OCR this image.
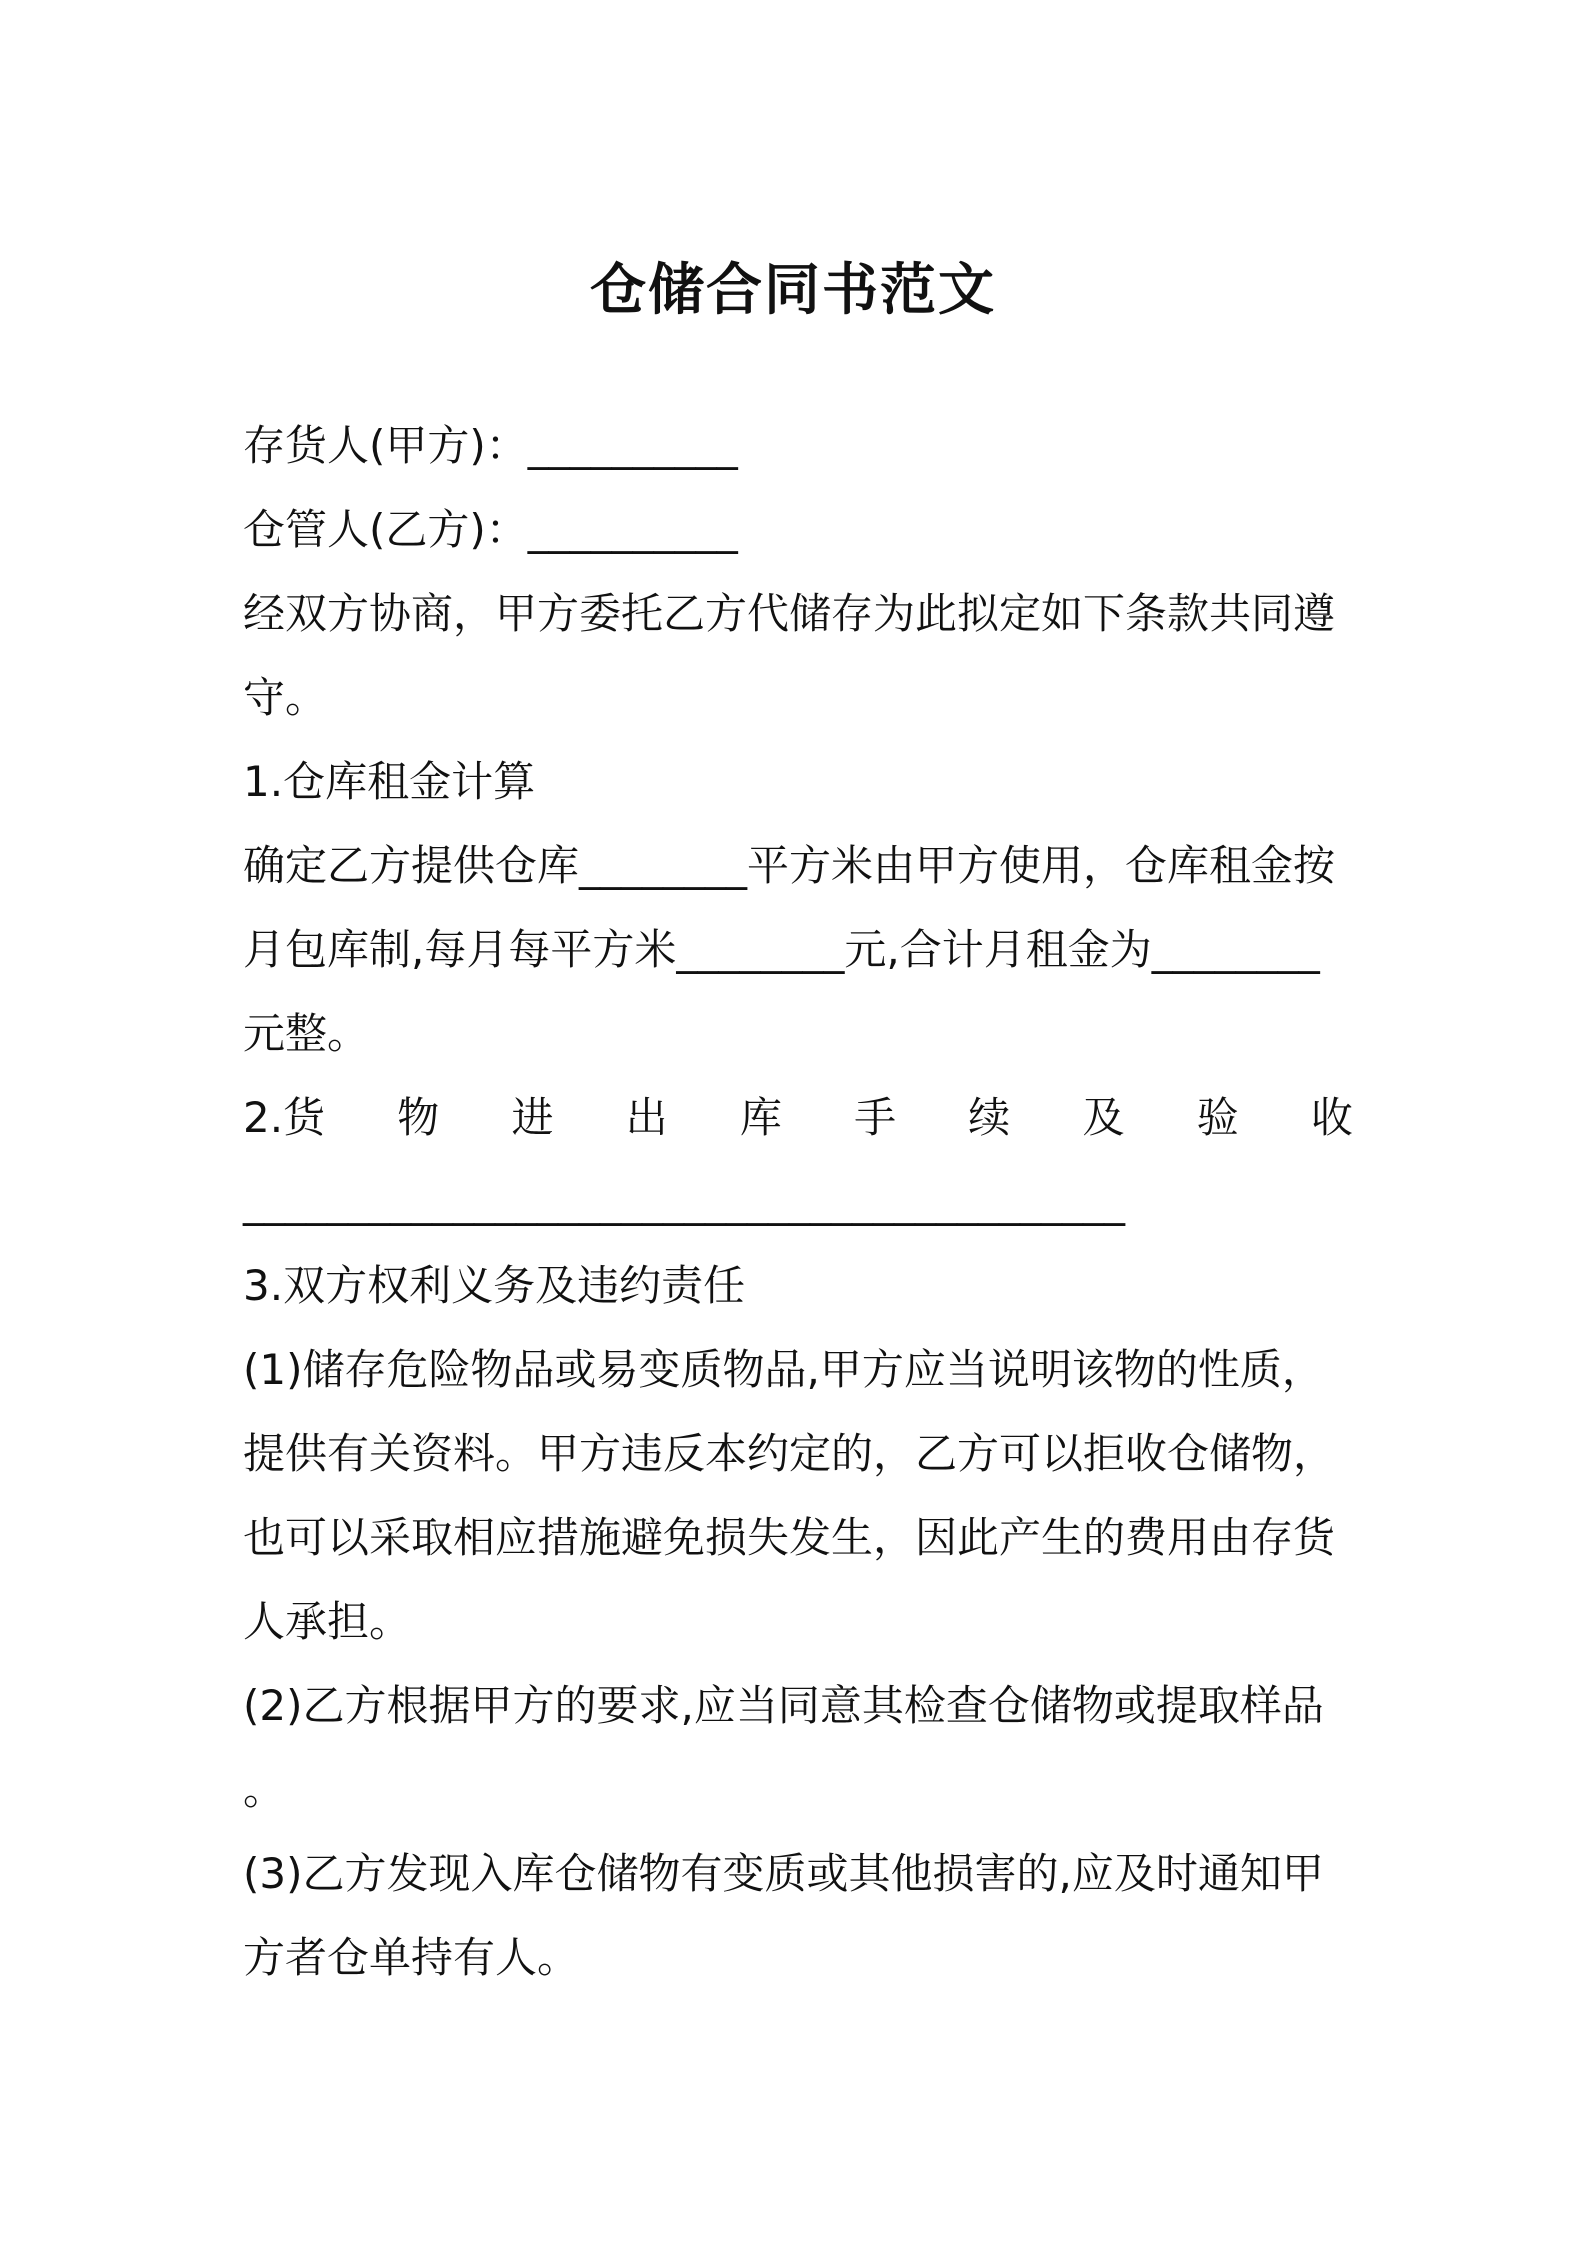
仓储合同书范文
存货人(甲方)：__________
仓管人(乙方)：__________
经双方协商，甲方委托乙方代储存为此拟定如下条款共同遵
守。
1.仓库租金计算
确定乙方提供仓库________平方米由甲方使用，仓库租金按
月包库制,每月每平方米________元,合计月租金为________
元整。
2.货 物 进 出 库 手 续 及 验 收
__________________________________________
3.双方权利义务及违约责任
(1)储存危险物品或易变质物品,甲方应当说明该物的性质，
提供有关资料。甲方违反本约定的，乙方可以拒收仓储物，
也可以采取相应措施避免损失发生，因此产生的费用由存货
人承担。
(2)乙方根据甲方的要求,应当同意其检查仓储物或提取样品
。
(3)乙方发现入库仓储物有变质或其他损害的,应及时通知甲
方者仓单持有人。
